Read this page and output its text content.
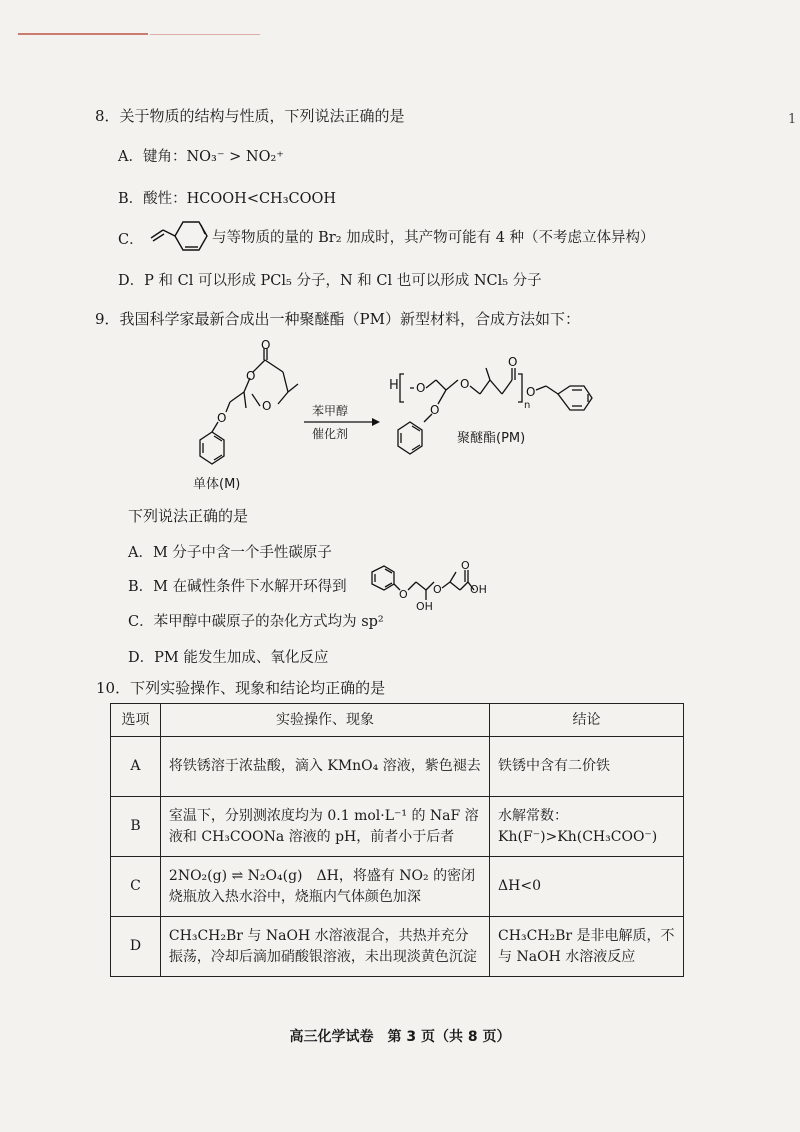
1
8．关于物质的结构与性质，下列说法正确的是
A．键角：NO₃⁻ > NO₂⁺
B．酸性：HCOOH<CH₃COOH
C．	与等物质的量的 Br₂ 加成时，其产物可能有 4 种（不考虑立体异构）
D．P 和 Cl 可以形成 PCl₅ 分子，N 和 Cl 也可以形成 NCl₅ 分子
9．我国科学家最新合成出一种聚醚酯（PM）新型材料，合成方法如下：
O
O
O
O
单体(M)
苯甲醇
催化剂
O	O
O
O
O
H
n
聚醚酯(PM)
下列说法正确的是
A．M 分子中含一个手性碳原子
B．M 在碱性条件下水解开环得到	O O
O
OH
OH
C．苯甲醇中碳原子的杂化方式均为 sp²
D．PM 能发生加成、氧化反应
10．下列实验操作、现象和结论均正确的是
选项	实验操作、现象	结论
A	将铁锈溶于浓盐酸，滴入 KMnO₄ 溶液，紫色褪去	铁锈中含有二价铁
B	室温下，分别测浓度均为 0.1 mol·L⁻¹ 的 NaF 溶液和 CH₃COONa 溶液的 pH，前者小于后者	水解常数：Kh(F⁻)>Kh(CH₃COO⁻)
C	2NO₂(g) ⇌ N₂O₄(g)　ΔH，将盛有 NO₂ 的密闭烧瓶放入热水浴中，烧瓶内气体颜色加深	ΔH<0
D	CH₃CH₂Br 与 NaOH 水溶液混合，共热并充分振荡，冷却后滴加硝酸银溶液，未出现淡黄色沉淀	CH₃CH₂Br 是非电解质，不与 NaOH 水溶液反应
高三化学试卷　第 3 页（共 8 页）
